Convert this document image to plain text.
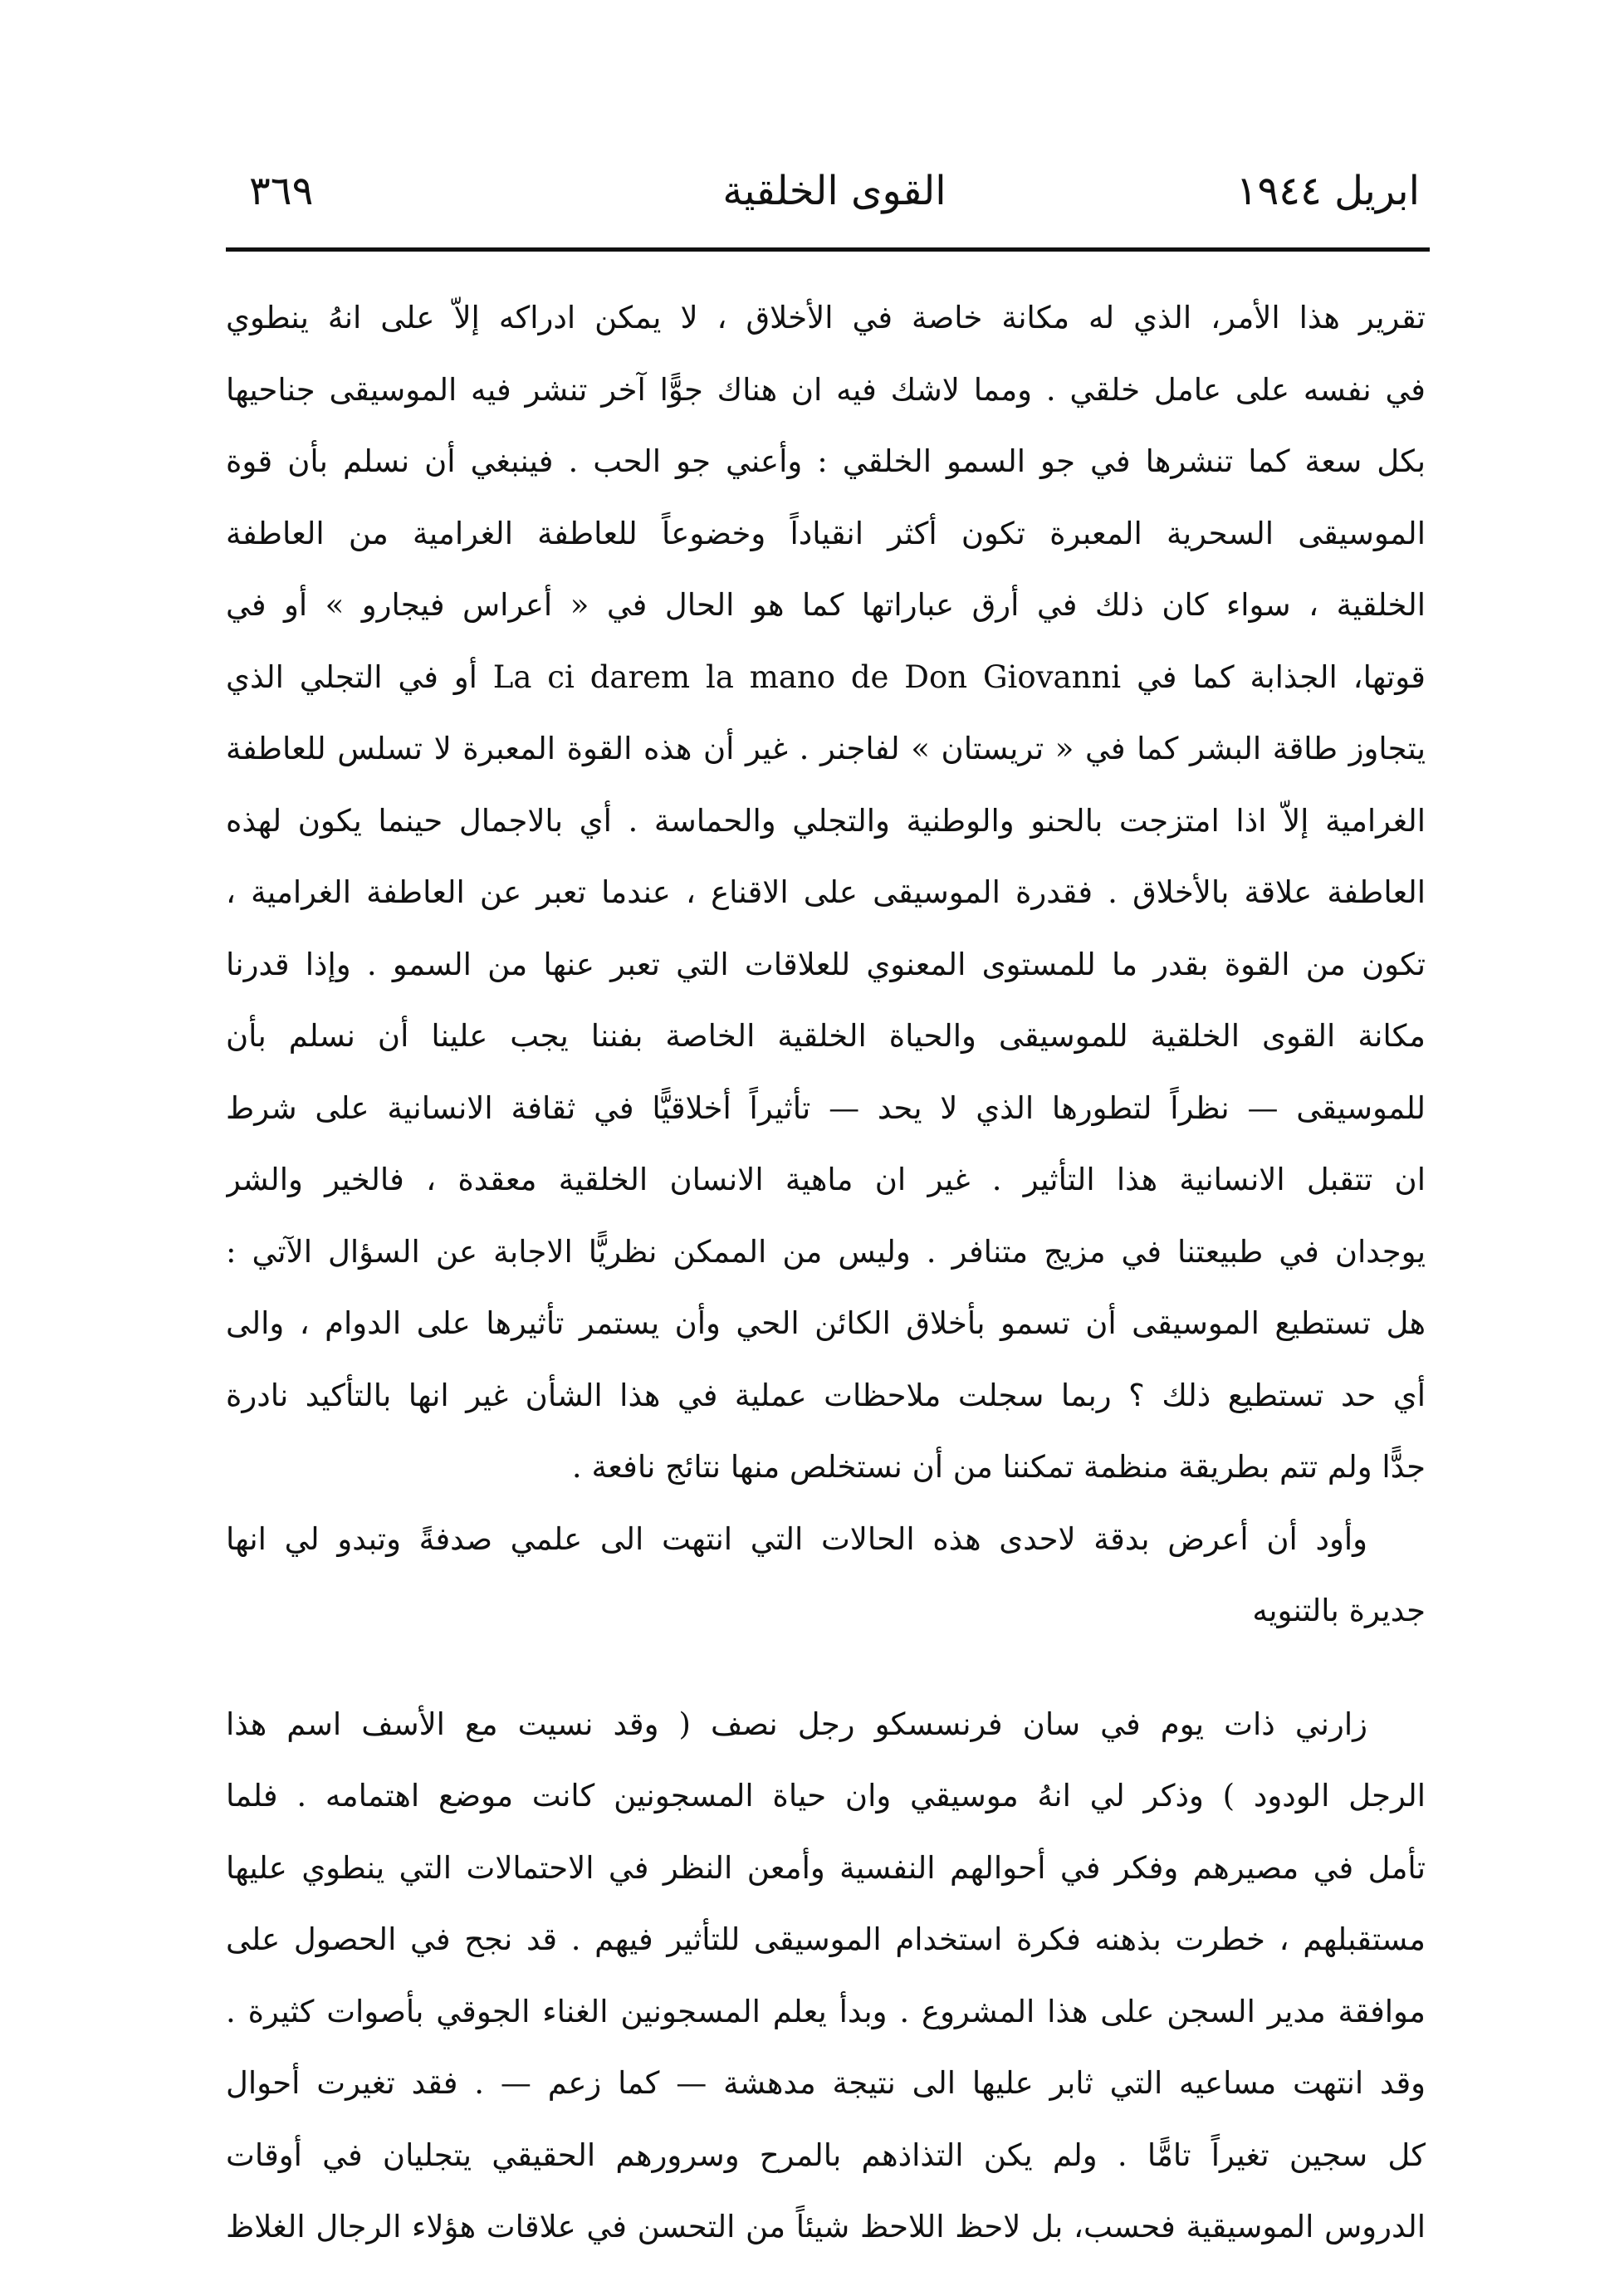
ابريل ١٩٤٤
القوى الخلقية
٣٦٩
تقرير هذا الأمر، الذي له مكانة خاصة في الأخلاق ، لا يمكن ادراكه إلاّ على انهُ ينطوي
في نفسه على عامل خلقي . ومما لاشك فيه ان هناك جوًّا آخر تنشر فيه الموسيقى جناحيها
بكل سعة كما تنشرها في جو السمو الخلقي : وأعني جو الحب . فينبغي أن نسلم بأن قوة
الموسيقى السحرية المعبرة تكون أكثر انقياداً وخضوعاً للعاطفة الغرامية من العاطفة
الخلقية ، سواء كان ذلك في أرق عباراتها كما هو الحال في « أعراس فيجارو » أو في
قوتها، الجذابة كما في La ci darem la mano de Don Giovanni أو في التجلي الذي
يتجاوز طاقة البشر كما في « تريستان » لفاجنر . غير أن هذه القوة المعبرة لا تسلس للعاطفة
الغرامية إلاّ اذا امتزجت بالحنو والوطنية والتجلي والحماسة . أي بالاجمال حينما يكون لهذه
العاطفة علاقة بالأخلاق . فقدرة الموسيقى على الاقناع ، عندما تعبر عن العاطفة الغرامية ،
تكون من القوة بقدر ما للمستوى المعنوي للعلاقات التي تعبر عنها من السمو . وإذا قدرنا
مكانة القوى الخلقية للموسيقى والحياة الخلقية الخاصة بفننا يجب علينا أن نسلم بأن
للموسيقى — نظراً لتطورها الذي لا يحد — تأثيراً أخلاقيًّا في ثقافة الانسانية على شرط
ان تتقبل الانسانية هذا التأثير . غير ان ماهية الانسان الخلقية معقدة ، فالخير والشر
يوجدان في طبيعتنا في مزيج متنافر . وليس من الممكن نظريًّا الاجابة عن السؤال الآتي :
هل تستطيع الموسيقى أن تسمو بأخلاق الكائن الحي وأن يستمر تأثيرها على الدوام ، والى
أي حد تستطيع ذلك ؟ ربما سجلت ملاحظات عملية في هذا الشأن غير انها بالتأكيد نادرة
جدًّا ولم تتم بطريقة منظمة تمكننا من أن نستخلص منها نتائج نافعة .
وأود أن أعرض بدقة لاحدى هذه الحالات التي انتهت الى علمي صدفةً وتبدو لي انها
جديرة بالتنويه
زارني ذات يوم في سان فرنسسكو رجل نصف ( وقد نسيت مع الأسف اسم هذا
الرجل الودود ) وذكر لي انهُ موسيقي وان حياة المسجونين كانت موضع اهتمامه . فلما
تأمل في مصيرهم وفكر في أحوالهم النفسية وأمعن النظر في الاحتمالات التي ينطوي عليها
مستقبلهم ، خطرت بذهنه فكرة استخدام الموسيقى للتأثير فيهم . قد نجح في الحصول على
موافقة مدير السجن على هذا المشروع . وبدأ يعلم المسجونين الغناء الجوقي بأصوات كثيرة .
وقد انتهت مساعيه التي ثابر عليها الى نتيجة مدهشة — كما زعم — . فقد تغيرت أحوال
كل سجين تغيراً تامًّا . ولم يكن التذاذهم بالمرح وسرورهم الحقيقي يتجليان في أوقات
الدروس الموسيقية فحسب، بل لاحظ اللاحظ شيئاً من التحسن في علاقات هؤلاء الرجال الغلاظ
